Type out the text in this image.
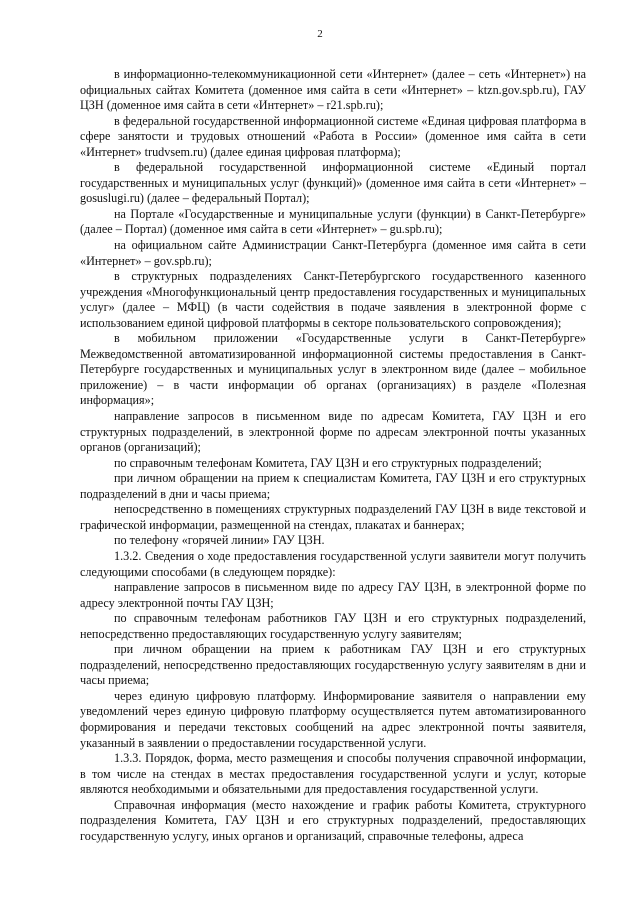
2

в информационно-телекоммуникационной сети «Интернет» (далее – сеть «Интернет») на официальных сайтах Комитета (доменное имя сайта в сети «Интернет» – ktzn.gov.spb.ru), ГАУ ЦЗН (доменное имя сайта в сети «Интернет» – r21.spb.ru);

в федеральной государственной информационной системе «Единая цифровая платформа в сфере занятости и трудовых отношений «Работа в России» (доменное имя сайта в сети «Интернет» trudvsem.ru) (далее единая цифровая платформа);

в федеральной государственной информационной системе «Единый портал государственных и муниципальных услуг (функций)» (доменное имя сайта в сети «Интернет» – gosuslugi.ru) (далее – федеральный Портал);

на Портале «Государственные и муниципальные услуги (функции) в Санкт-Петербурге» (далее – Портал) (доменное имя сайта в сети «Интернет» – gu.spb.ru);

на официальном сайте Администрации Санкт-Петербурга (доменное имя сайта в сети «Интернет» – gov.spb.ru);

в структурных подразделениях Санкт-Петербургского государственного казенного учреждения «Многофункциональный центр предоставления государственных и муниципальных услуг» (далее – МФЦ) (в части содействия в подаче заявления в электронной форме с использованием единой цифровой платформы в секторе пользовательского сопровождения);

в мобильном приложении «Государственные услуги в Санкт-Петербурге» Межведомственной автоматизированной информационной системы предоставления в Санкт-Петербурге государственных и муниципальных услуг в электронном виде (далее – мобильное приложение) – в части информации об органах (организациях) в разделе «Полезная информация»;

направление запросов в письменном виде по адресам Комитета, ГАУ ЦЗН и его структурных подразделений, в электронной форме по адресам электронной почты указанных органов (организаций);

по справочным телефонам Комитета, ГАУ ЦЗН и его структурных подразделений;

при личном обращении на прием к специалистам Комитета, ГАУ ЦЗН и его структурных подразделений в дни и часы приема;

непосредственно в помещениях структурных подразделений ГАУ ЦЗН в виде текстовой и графической информации, размещенной на стендах, плакатах и баннерах;

по телефону «горячей линии» ГАУ ЦЗН.

1.3.2. Сведения о ходе предоставления государственной услуги заявители могут получить следующими способами (в следующем порядке):

направление запросов в письменном виде по адресу ГАУ ЦЗН, в электронной форме по адресу электронной почты ГАУ ЦЗН;

по справочным телефонам работников ГАУ ЦЗН и его структурных подразделений, непосредственно предоставляющих государственную услугу заявителям;

при личном обращении на прием к работникам ГАУ ЦЗН и его структурных подразделений, непосредственно предоставляющих государственную услугу заявителям в дни и часы приема;

через единую цифровую платформу. Информирование заявителя о направлении ему уведомлений через единую цифровую платформу осуществляется путем автоматизированного формирования и передачи текстовых сообщений на адрес электронной почты заявителя, указанный в заявлении о предоставлении государственной услуги.

1.3.3. Порядок, форма, место размещения и способы получения справочной информации, в том числе на стендах в местах предоставления государственной услуги и услуг, которые являются необходимыми и обязательными для предоставления государственной услуги.

Справочная информация (место нахождение и график работы Комитета, структурного подразделения Комитета, ГАУ ЦЗН и его структурных подразделений, предоставляющих государственную услугу, иных органов и организаций, справочные телефоны, адреса
